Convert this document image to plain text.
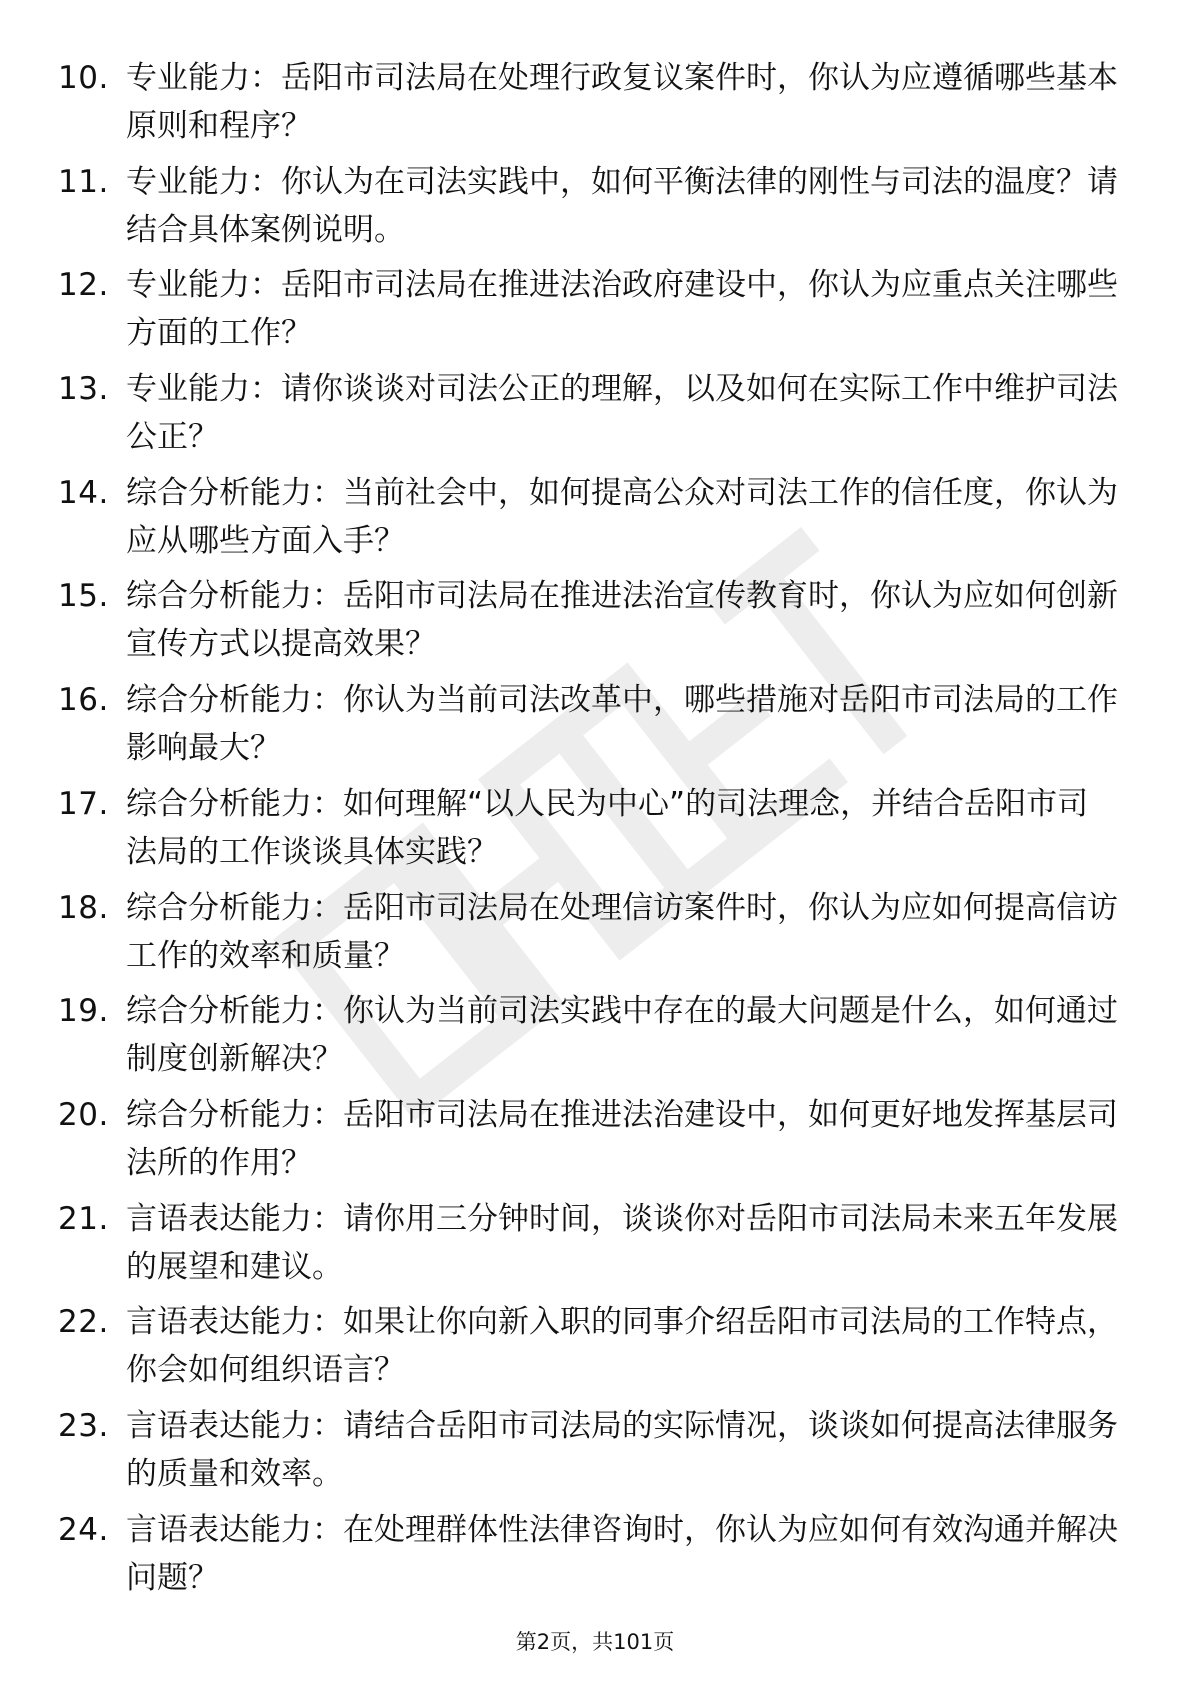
10. 专业能力：岳阳市司法局在处理行政复议案件时，你认为应遵循哪些基本原则和程序？
11. 专业能力：你认为在司法实践中，如何平衡法律的刚性与司法的温度？请结合具体案例说明。
12. 专业能力：岳阳市司法局在推进法治政府建设中，你认为应重点关注哪些方面的工作？
13. 专业能力：请你谈谈对司法公正的理解，以及如何在实际工作中维护司法公正？
14. 综合分析能力：当前社会中，如何提高公众对司法工作的信任度，你认为应从哪些方面入手？
15. 综合分析能力：岳阳市司法局在推进法治宣传教育时，你认为应如何创新宣传方式以提高效果？
16. 综合分析能力：你认为当前司法改革中，哪些措施对岳阳市司法局的工作影响最大？
17. 综合分析能力：如何理解“以人民为中心”的司法理念，并结合岳阳市司法局的工作谈谈具体实践？
18. 综合分析能力：岳阳市司法局在处理信访案件时，你认为应如何提高信访工作的效率和质量？
19. 综合分析能力：你认为当前司法实践中存在的最大问题是什么，如何通过制度创新解决？
20. 综合分析能力：岳阳市司法局在推进法治建设中，如何更好地发挥基层司法所的作用？
21. 言语表达能力：请你用三分钟时间，谈谈你对岳阳市司法局未来五年发展的展望和建议。
22. 言语表达能力：如果让你向新入职的同事介绍岳阳市司法局的工作特点，你会如何组织语言？
23. 言语表达能力：请结合岳阳市司法局的实际情况，谈谈如何提高法律服务的质量和效率。
24. 言语表达能力：在处理群体性法律咨询时，你认为应如何有效沟通并解决问题？
第2页，共101页
